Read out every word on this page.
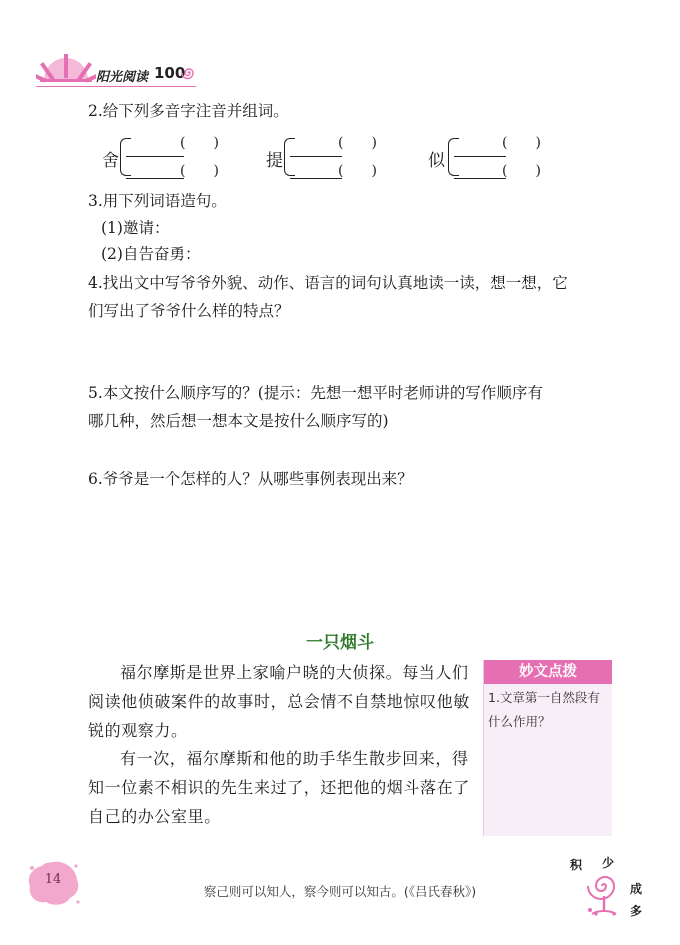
阳光阅读 100
2.给下列多音字注音并组词。
舍
(　　)
(　　)	提
(　　)
(　　)	似
(　　)
(　　)
3.用下列词语造句。
(1)邀请：
(2)自告奋勇：
4.找出文中写爷爷外貌、动作、语言的词句认真地读一读，想一想，它
们写出了爷爷什么样的特点？
5.本文按什么顺序写的？(提示：先想一想平时老师讲的写作顺序有
哪几种，然后想一想本文是按什么顺序写的)
6.爷爷是一个怎样的人？从哪些事例表现出来？
一只烟斗
福尔摩斯是世界上家喻户晓的大侦探。每当人们阅读他侦破案件的故事时，总会情不自禁地惊叹他敏锐的观察力。
有一次，福尔摩斯和他的助手华生散步回来，得知一位素不相识的先生来过了，还把他的烟斗落在了自己的办公室里。
妙文点拨
1.文章第一自然段有什么作用？
14
察己则可以知人，察今则可以知古。(《吕氏春秋》)
积 少
成
多
